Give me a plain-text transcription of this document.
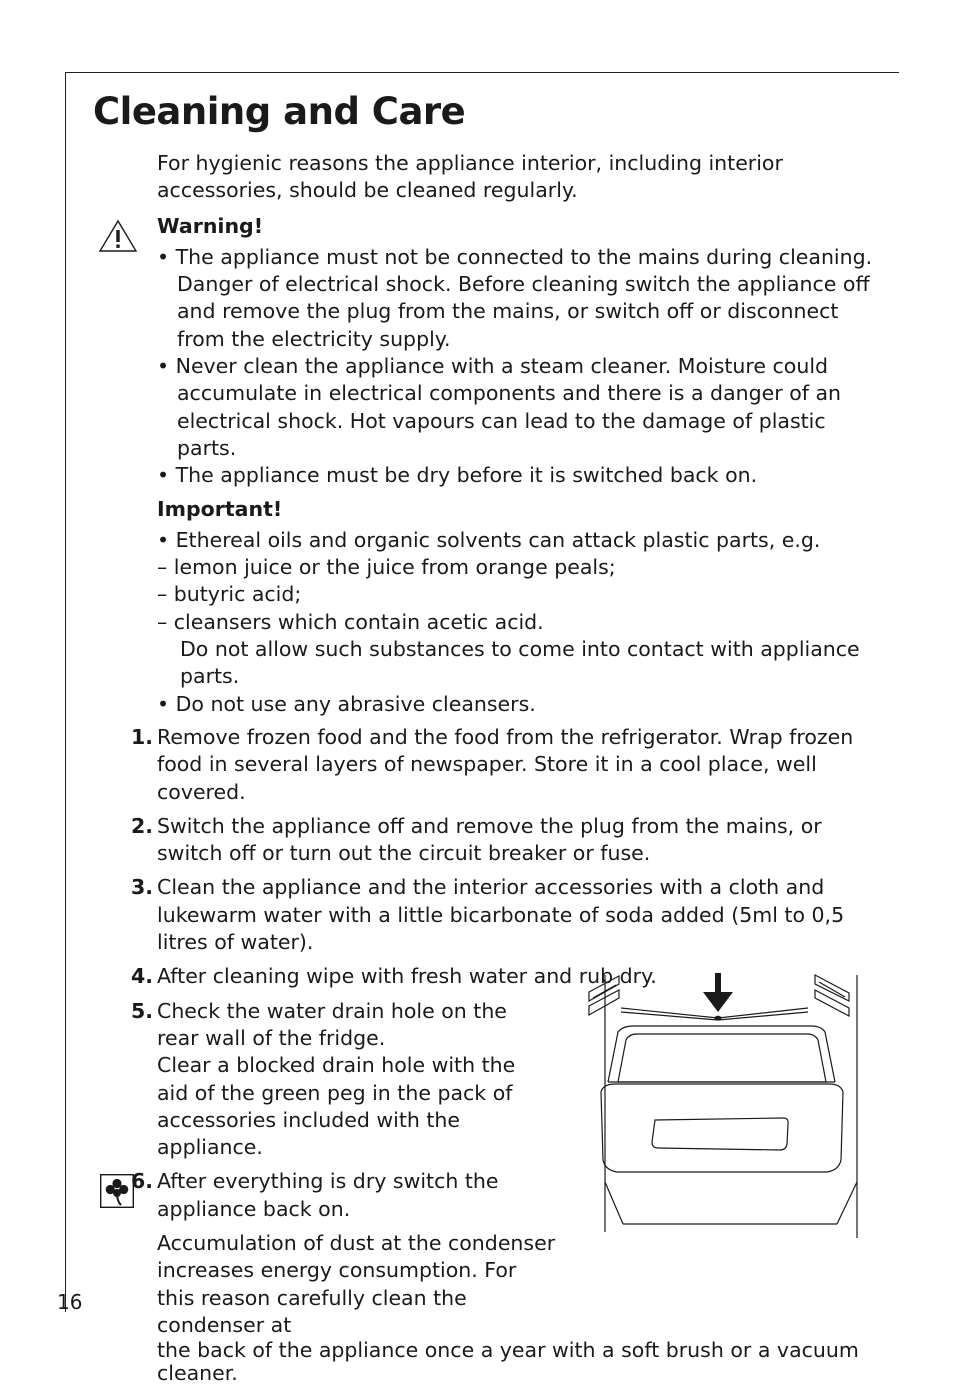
Cleaning and Care

For hygienic reasons the appliance interior, including interior accessories, should be cleaned regularly.

Warning!

• The appliance must not be connected to the mains during cleaning. Danger of electrical shock. Before cleaning switch the appliance off and remove the plug from the mains, or switch off or disconnect from the electricity supply.

• Never clean the appliance with a steam cleaner. Moisture could accumulate in electrical components and there is a danger of an electrical shock. Hot vapours can lead to the damage of plastic parts.

• The appliance must be dry before it is switched back on.

Important!

• Ethereal oils and organic solvents can attack plastic parts, e.g.

– lemon juice or the juice from orange peals;

– butyric acid;

– cleansers which contain acetic acid.

Do not allow such substances to come into contact with appliance parts.

• Do not use any abrasive cleansers.

1. Remove frozen food and the food from the refrigerator. Wrap frozen food in several layers of newspaper. Store it in a cool place, well covered.
2. Switch the appliance off and remove the plug from the mains, or switch off or turn out the circuit breaker or fuse.
3. Clean the appliance and the interior accessories with a cloth and lukewarm water with a little bicarbonate of soda added (5ml to 0,5 litres of water).
4. After cleaning wipe with fresh water and rub dry.
5. Check the water drain hole on the rear wall of the fridge.
Clear a blocked drain hole with the aid of the green peg in the pack of accessories included with the appliance.
6. After everything is dry switch the appliance back on.

Accumulation of dust at the condenser increases energy consumption. For this reason carefully clean the condenser at

the back of the appliance once a year with a soft brush or a vacuum cleaner.

16
